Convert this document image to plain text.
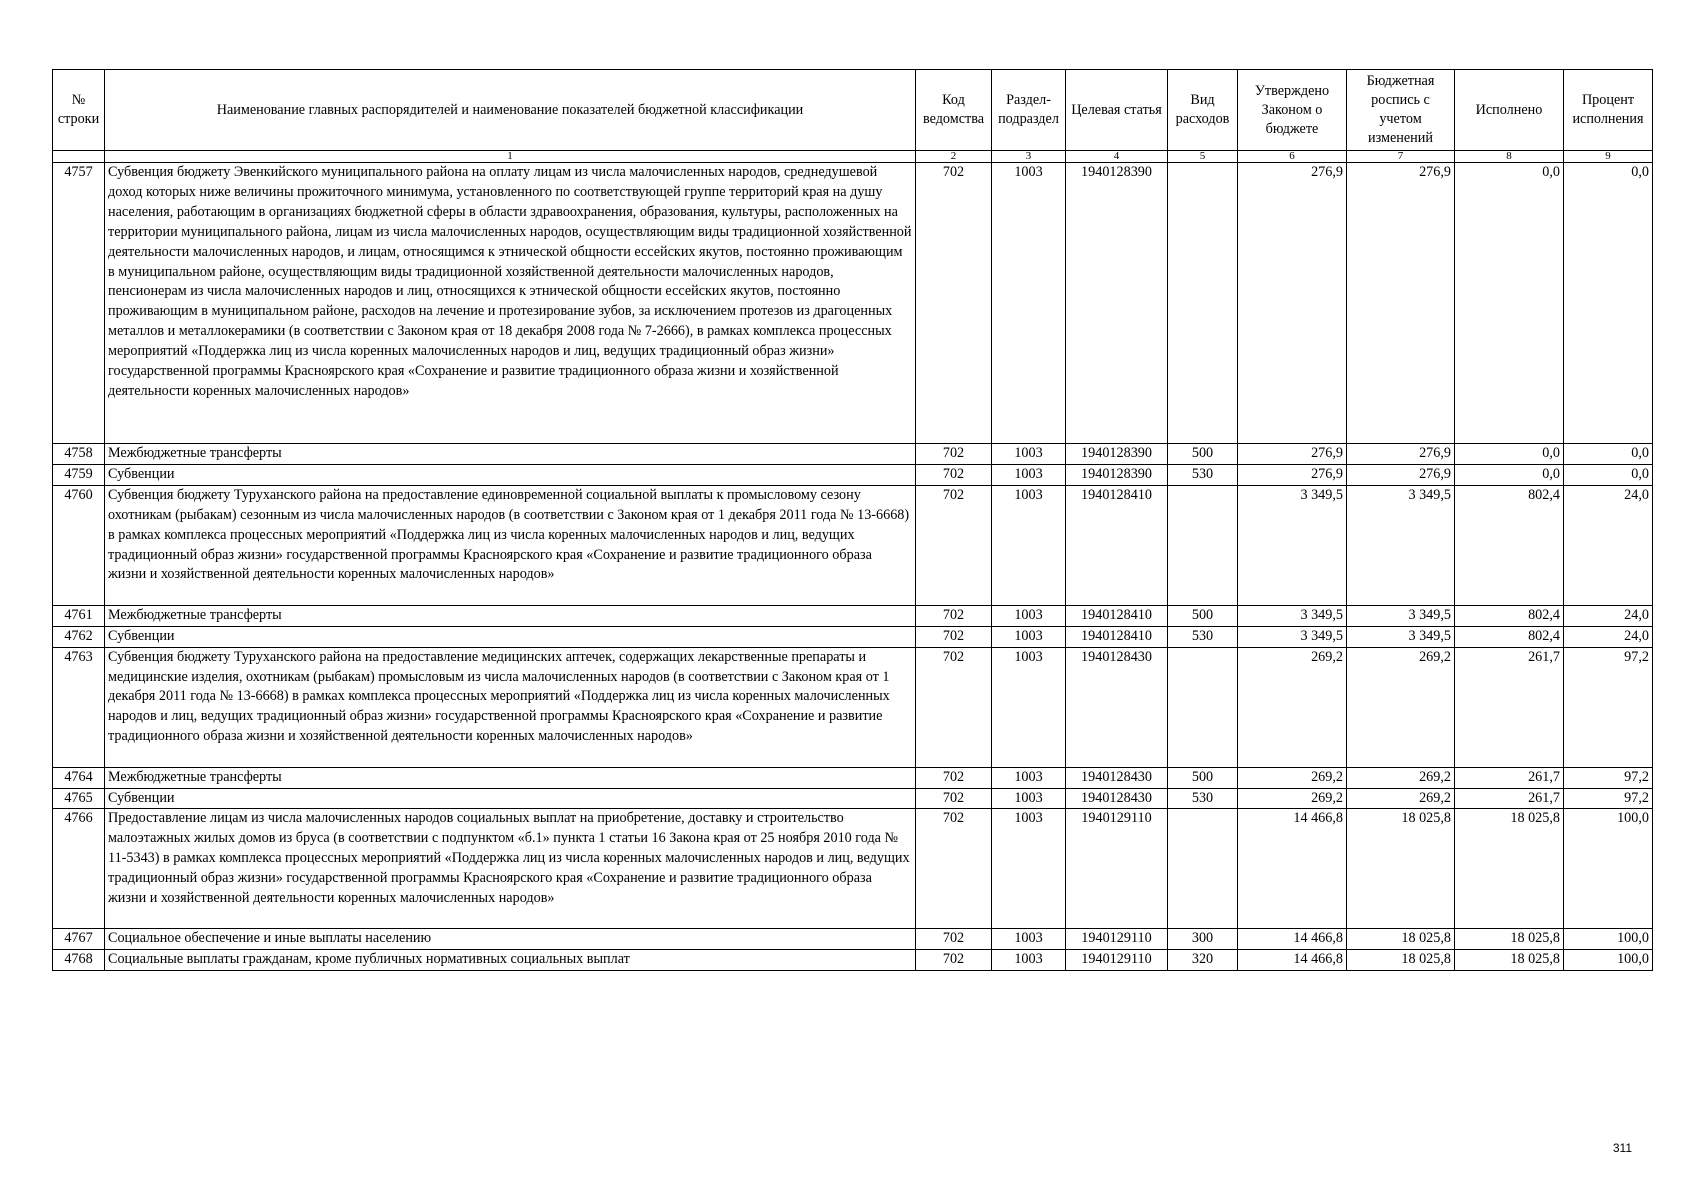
№ строки	Наименование главных распорядителей и наименование показателей бюджетной классификации	Код ведомства	Раздел- подраздел	Целевая статья	Вид расходов	Утверждено Законом о бюджете	Бюджетная роспись с учетом изменений	Исполнено	Процент исполнения
	1	2	3	4	5	6	7	8	9
4757	Субвенция бюджету Эвенкийского муниципального района на оплату лицам из числа малочисленных народов, среднедушевой доход которых ниже величины прожиточного минимума, установленного по соответствующей группе территорий края на душу населения, работающим в организациях бюджетной сферы в области здравоохранения, образования, культуры, расположенных на территории муниципального района, лицам из числа малочисленных народов, осуществляющим виды традиционной хозяйственной деятельности малочисленных народов, и лицам, относящимся к этнической общности ессейских якутов, постоянно проживающим в муниципальном районе, осуществляющим виды традиционной хозяйственной деятельности малочисленных народов, пенсионерам из числа малочисленных народов и лиц, относящихся к этнической общности ессейских якутов, постоянно проживающим в муниципальном районе, расходов на лечение и протезирование зубов, за исключением протезов из драгоценных металлов и металлокерамики (в соответствии с Законом края от 18 декабря 2008 года № 7-2666), в рамках комплекса процессных мероприятий «Поддержка лиц из числа коренных малочисленных народов и лиц, ведущих традиционный образ жизни» государственной программы Красноярского края «Сохранение и развитие традиционного образа жизни и хозяйственной деятельности коренных малочисленных народов»	702	1003	1940128390		276,9	276,9	0,0	0,0
4758	Межбюджетные трансферты	702	1003	1940128390	500	276,9	276,9	0,0	0,0
4759	Субвенции	702	1003	1940128390	530	276,9	276,9	0,0	0,0
4760	Субвенция бюджету Туруханского района на предоставление единовременной социальной выплаты к промысловому сезону охотникам (рыбакам) сезонным из числа малочисленных народов (в соответствии с Законом края от 1 декабря 2011 года № 13-6668) в рамках комплекса процессных мероприятий «Поддержка лиц из числа коренных малочисленных народов и лиц, ведущих традиционный образ жизни» государственной программы Красноярского края «Сохранение и развитие традиционного образа жизни и хозяйственной деятельности коренных малочисленных народов»	702	1003	1940128410		3 349,5	3 349,5	802,4	24,0
4761	Межбюджетные трансферты	702	1003	1940128410	500	3 349,5	3 349,5	802,4	24,0
4762	Субвенции	702	1003	1940128410	530	3 349,5	3 349,5	802,4	24,0
4763	Субвенция бюджету Туруханского района на предоставление медицинских аптечек, содержащих лекарственные препараты и медицинские изделия, охотникам (рыбакам) промысловым из числа малочисленных народов (в соответствии с Законом края от 1 декабря 2011 года № 13-6668) в рамках комплекса процессных мероприятий «Поддержка лиц из числа коренных малочисленных народов и лиц, ведущих традиционный образ жизни» государственной программы Красноярского края «Сохранение и развитие традиционного образа жизни и хозяйственной деятельности коренных малочисленных народов»	702	1003	1940128430		269,2	269,2	261,7	97,2
4764	Межбюджетные трансферты	702	1003	1940128430	500	269,2	269,2	261,7	97,2
4765	Субвенции	702	1003	1940128430	530	269,2	269,2	261,7	97,2
4766	Предоставление лицам из числа малочисленных народов социальных выплат на приобретение, доставку и строительство малоэтажных жилых домов из бруса (в соответствии с подпунктом «б.1» пункта 1 статьи 16 Закона края от 25 ноября 2010 года № 11-5343) в рамках комплекса процессных мероприятий «Поддержка лиц из числа коренных малочисленных народов и лиц, ведущих традиционный образ жизни» государственной программы Красноярского края «Сохранение и развитие традиционного образа жизни и хозяйственной деятельности коренных малочисленных народов»	702	1003	1940129110		14 466,8	18 025,8	18 025,8	100,0
4767	Социальное обеспечение и иные выплаты населению	702	1003	1940129110	300	14 466,8	18 025,8	18 025,8	100,0
4768	Социальные выплаты гражданам, кроме публичных нормативных социальных выплат	702	1003	1940129110	320	14 466,8	18 025,8	18 025,8	100,0
311
